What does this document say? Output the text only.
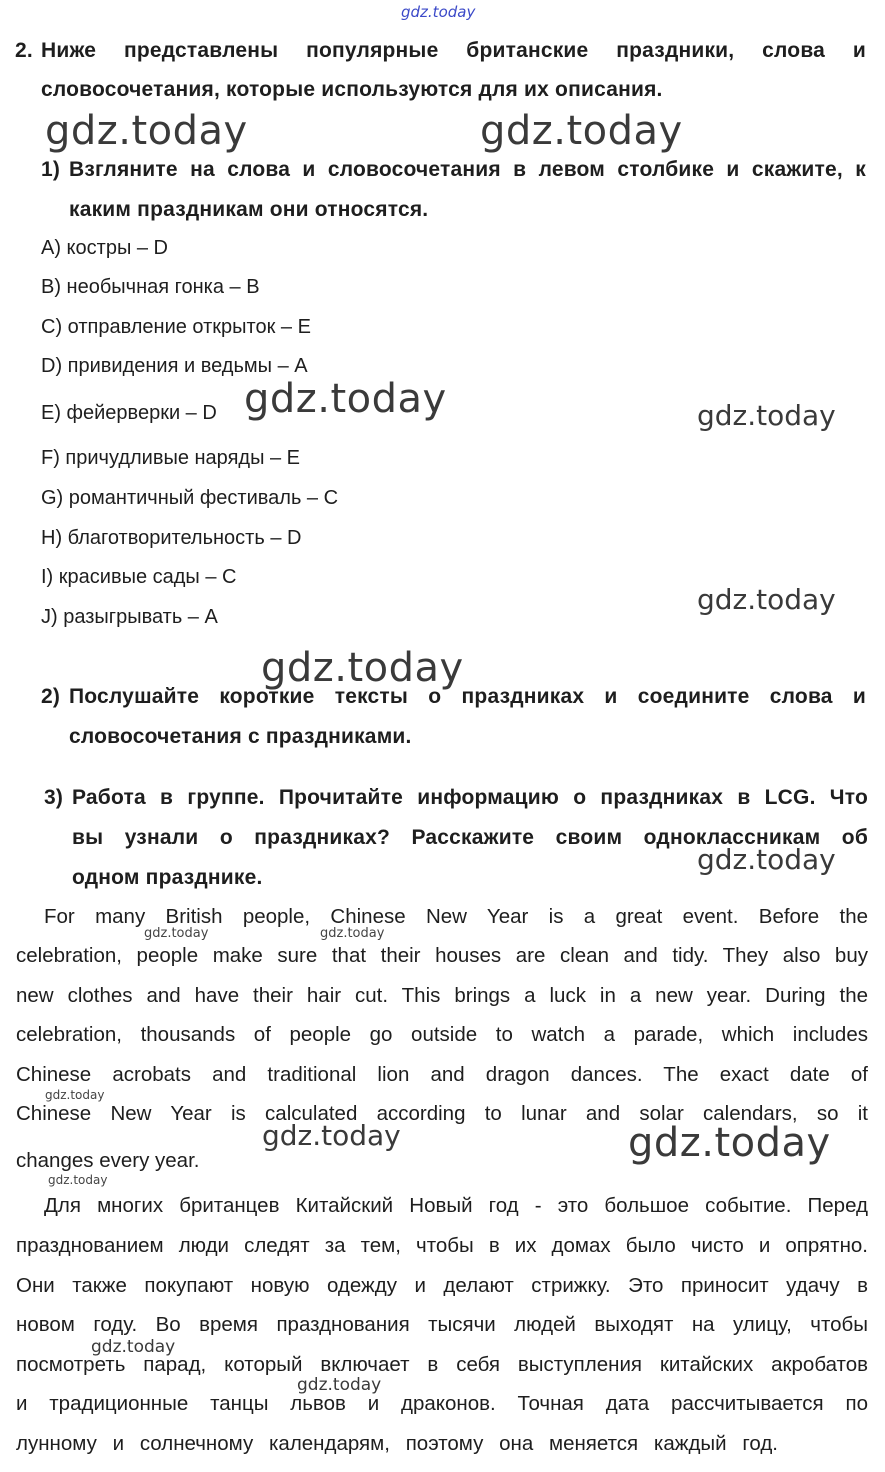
gdz.today
2. Ниже представлены популярные британские праздники, слова и
словосочетания, которые используются для их описания.
gdz.today	gdz.today
1) Взгляните на слова и словосочетания в левом столбике и скажите, к
каким праздникам они относятся.
A) костры – D
B) необычная гонка – B
C) отправление открыток – E
D) привидения и ведьмы – A
E) фейерверки – D
F) причудливые наряды – E
G) романтичный фестиваль – C
H) благотворительность – D
I) красивые сады – C
J) разыгрывать – A
gdz.today	gdz.today
gdz.today
gdz.today
2) Послушайте короткие тексты о праздниках и соедините слова и
словосочетания с праздниками.
3) Работа в группе. Прочитайте информацию о праздниках в LCG. Что
вы узнали о праздниках? Расскажите своим одноклассникам об
одном празднике.
gdz.today
For many British people, Chinese New Year is a great event. Before the
celebration, people make sure that their houses are clean and tidy. They also buy
new clothes and have their hair cut. This brings a luck in a new year. During the
celebration, thousands of people go outside to watch a parade, which includes
Chinese acrobats and traditional lion and dragon dances. The exact date of
Chinese New Year is calculated according to lunar and solar calendars, so it
changes every year.
gdz.today	gdz.today
gdz.today
gdz.today	gdz.today
gdz.today
Для многих британцев Китайский Новый год - это большое событие. Перед
празднованием люди следят за тем, чтобы в их домах было чисто и опрятно.
Они также покупают новую одежду и делают стрижку. Это приносит удачу в
новом году. Во время празднования тысячи людей выходят на улицу, чтобы
посмотреть парад, который включает в себя выступления китайских акробатов
и традиционные танцы львов и драконов. Точная дата рассчитывается по
лунному и солнечному календарям, поэтому она меняется каждый год.
gdz.today
gdz.today
